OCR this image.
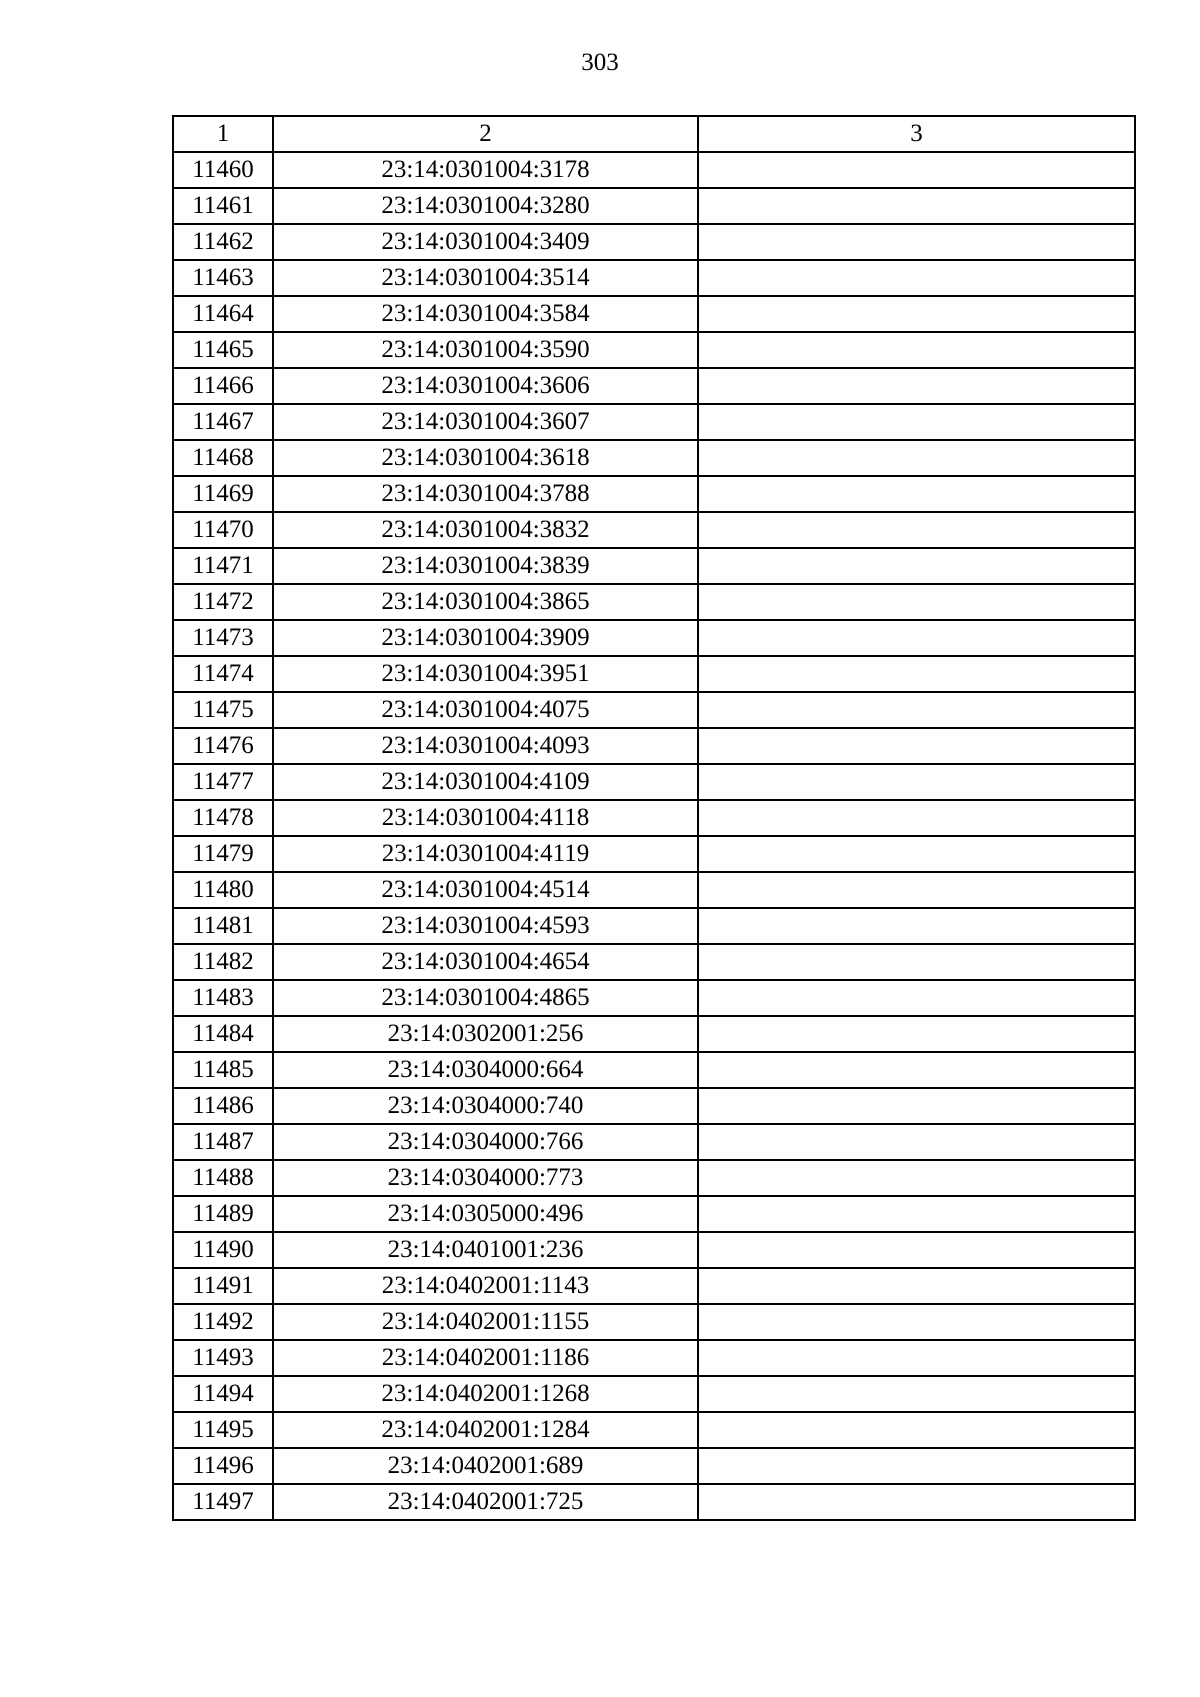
303
1	2	3
11460	23:14:0301004:3178	
11461	23:14:0301004:3280	
11462	23:14:0301004:3409	
11463	23:14:0301004:3514	
11464	23:14:0301004:3584	
11465	23:14:0301004:3590	
11466	23:14:0301004:3606	
11467	23:14:0301004:3607	
11468	23:14:0301004:3618	
11469	23:14:0301004:3788	
11470	23:14:0301004:3832	
11471	23:14:0301004:3839	
11472	23:14:0301004:3865	
11473	23:14:0301004:3909	
11474	23:14:0301004:3951	
11475	23:14:0301004:4075	
11476	23:14:0301004:4093	
11477	23:14:0301004:4109	
11478	23:14:0301004:4118	
11479	23:14:0301004:4119	
11480	23:14:0301004:4514	
11481	23:14:0301004:4593	
11482	23:14:0301004:4654	
11483	23:14:0301004:4865	
11484	23:14:0302001:256	
11485	23:14:0304000:664	
11486	23:14:0304000:740	
11487	23:14:0304000:766	
11488	23:14:0304000:773	
11489	23:14:0305000:496	
11490	23:14:0401001:236	
11491	23:14:0402001:1143	
11492	23:14:0402001:1155	
11493	23:14:0402001:1186	
11494	23:14:0402001:1268	
11495	23:14:0402001:1284	
11496	23:14:0402001:689	
11497	23:14:0402001:725	
